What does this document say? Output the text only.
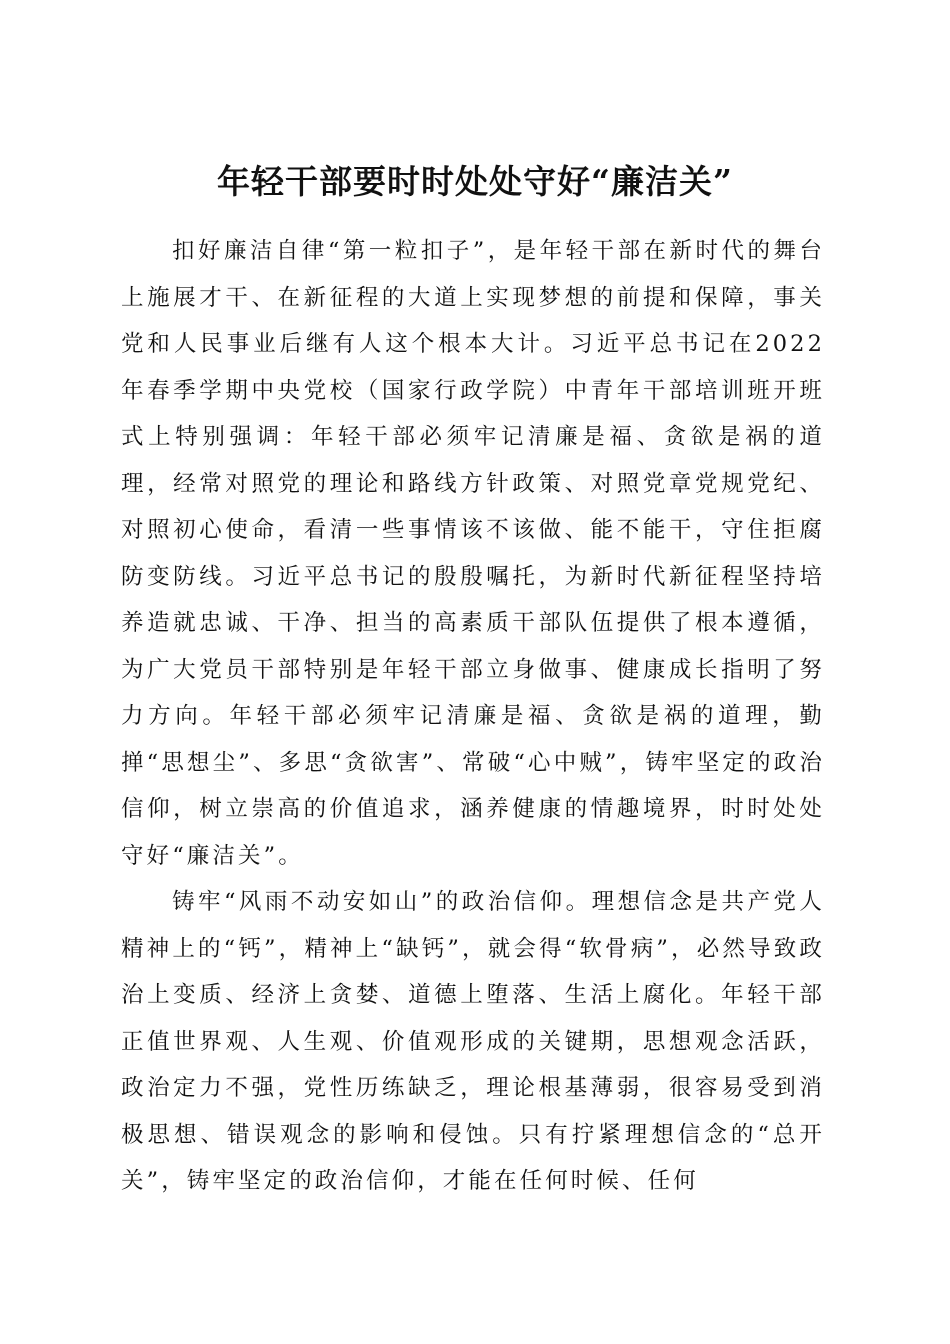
年轻干部要时时处处守好“廉洁关”

扣好廉洁自律“第一粒扣子”，是年轻干部在新时代的舞台上施展才干、在新征程的大道上实现梦想的前提和保障，事关党和人民事业后继有人这个根本大计。习近平总书记在2022年春季学期中央党校（国家行政学院）中青年干部培训班开班式上特别强调：年轻干部必须牢记清廉是福、贪欲是祸的道理，经常对照党的理论和路线方针政策、对照党章党规党纪、对照初心使命，看清一些事情该不该做、能不能干，守住拒腐防变防线。习近平总书记的殷殷嘱托，为新时代新征程坚持培养造就忠诚、干净、担当的高素质干部队伍提供了根本遵循，为广大党员干部特别是年轻干部立身做事、健康成长指明了努力方向。年轻干部必须牢记清廉是福、贪欲是祸的道理，勤掸“思想尘”、多思“贪欲害”、常破“心中贼”，铸牢坚定的政治信仰，树立崇高的价值追求，涵养健康的情趣境界，时时处处守好“廉洁关”。

铸牢“风雨不动安如山”的政治信仰。理想信念是共产党人精神上的“钙”，精神上“缺钙”，就会得“软骨病”，必然导致政治上变质、经济上贪婪、道德上堕落、生活上腐化。年轻干部正值世界观、人生观、价值观形成的关键期，思想观念活跃，政治定力不强，党性历练缺乏，理论根基薄弱，很容易受到消极思想、错误观念的影响和侵蚀。只有拧紧理想信念的“总开关”，铸牢坚定的政治信仰，才能在任何时候、任何
